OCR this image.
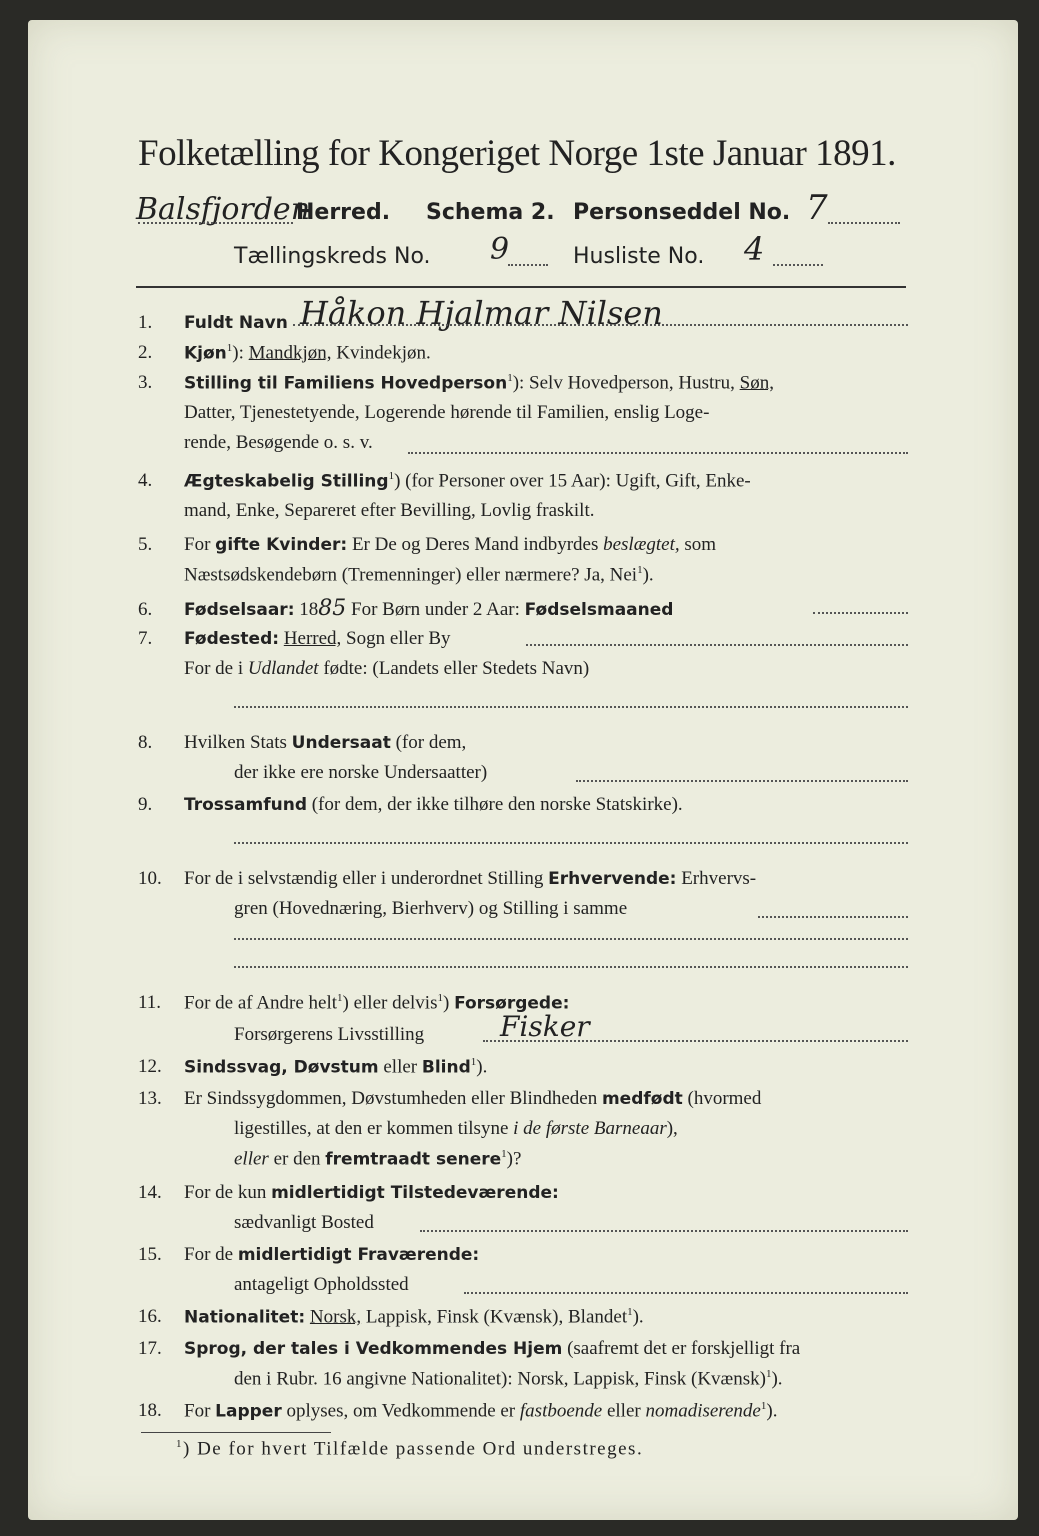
Folketælling for Kongeriget Norge 1ste Januar 1891.
Balsfjorden
Herred. Schema 2. Personseddel No. 7
Tællingskreds No. 9	Husliste No. 4
1. Fuldt Navn Håkon Hjalmar Nilsen
2. Kjøn$^1$): Mandkjøn, Kvindekjøn.
3. Stilling til Familiens Hovedperson$^1$): Selv Hovedperson, Hustru, Søn,
Datter, Tjenestetyende, Logerende hørende til Familien, enslig Loge-
rende, Besøgende o. s. v.
4. Ægteskabelig Stilling$^1$) (for Personer over 15 Aar): Ugift, Gift, Enke-
mand, Enke, Separeret efter Bevilling, Lovlig fraskilt.
5. For gifte Kvinder: Er De og Deres Mand indbyrdes beslægtet, som
Næstsødskendebørn (Tremenninger) eller nærmere? Ja, Nei$^1$).
6. Fødselsaar: 1885 For Børn under 2 Aar: Fødselsmaaned
7. Fødested: Herred, Sogn eller By
For de i Udlandet fødte: (Landets eller Stedets Navn)
8. Hvilken Stats Undersaat (for dem,
der ikke ere norske Undersaatter)
9. Trossamfund (for dem, der ikke tilhøre den norske Statskirke).
10. For de i selvstændig eller i underordnet Stilling Erhvervende: Erhvervs-
gren (Hovednæring, Bierhverv) og Stilling i samme
11. For de af Andre helt$^1$) eller delvis$^1$) Forsørgede:
Forsørgerens Livsstilling	Fisker
12. Sindssvag, Døvstum eller Blind$^1$).
13. Er Sindssygdommen, Døvstumheden eller Blindheden medfødt (hvormed
ligestilles, at den er kommen tilsyne i de første Barneaar),
eller er den fremtraadt senere$^1$)?
14. For de kun midlertidigt Tilstedeværende:
sædvanligt Bosted
15. For de midlertidigt Fraværende:
antageligt Opholdssted
16. Nationalitet: Norsk, Lappisk, Finsk (Kvænsk), Blandet$^1$).
17. Sprog, der tales i Vedkommendes Hjem (saafremt det er forskjelligt fra
den i Rubr. 16 angivne Nationalitet): Norsk, Lappisk, Finsk (Kvænsk)$^1$).
18. For Lapper oplyses, om Vedkommende er fastboende eller nomadiserende$^1$).
$^1$) De for hvert Tilfælde passende Ord understreges.
